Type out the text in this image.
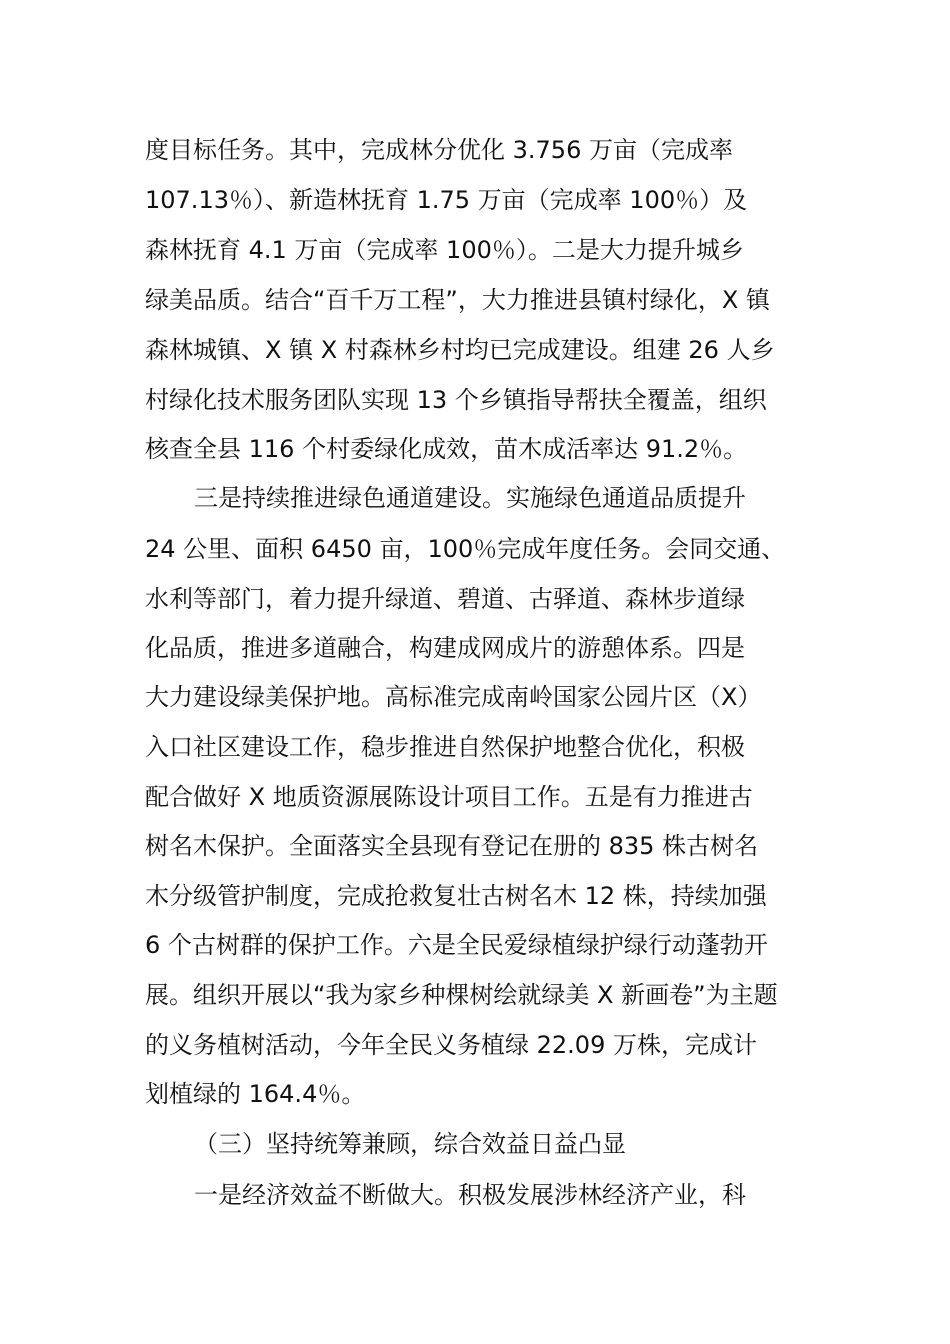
度目标任务。其中，完成林分优化 3.756 万亩（完成率
107.13％）、新造林抚育 1.75 万亩（完成率 100％）及
森林抚育 4.1 万亩（完成率 100％）。二是大力提升城乡
绿美品质。结合“百千万工程”，大力推进县镇村绿化，X 镇
森林城镇、X 镇 X 村森林乡村均已完成建设。组建 26 人乡
村绿化技术服务团队实现 13 个乡镇指导帮扶全覆盖，组织
核查全县 116 个村委绿化成效，苗木成活率达 91.2％。
三是持续推进绿色通道建设。实施绿色通道品质提升
24 公里、面积 6450 亩，100％完成年度任务。会同交通、
水利等部门，着力提升绿道、碧道、古驿道、森林步道绿
化品质，推进多道融合，构建成网成片的游憩体系。四是
大力建设绿美保护地。高标准完成南岭国家公园片区（X）
入口社区建设工作，稳步推进自然保护地整合优化，积极
配合做好 X 地质资源展陈设计项目工作。五是有力推进古
树名木保护。全面落实全县现有登记在册的 835 株古树名
木分级管护制度，完成抢救复壮古树名木 12 株，持续加强
6 个古树群的保护工作。六是全民爱绿植绿护绿行动蓬勃开
展。组织开展以“我为家乡种棵树绘就绿美 X 新画卷”为主题
的义务植树活动，今年全民义务植绿 22.09 万株，完成计
划植绿的 164.4％。
（三）坚持统筹兼顾，综合效益日益凸显
一是经济效益不断做大。积极发展涉林经济产业，科
